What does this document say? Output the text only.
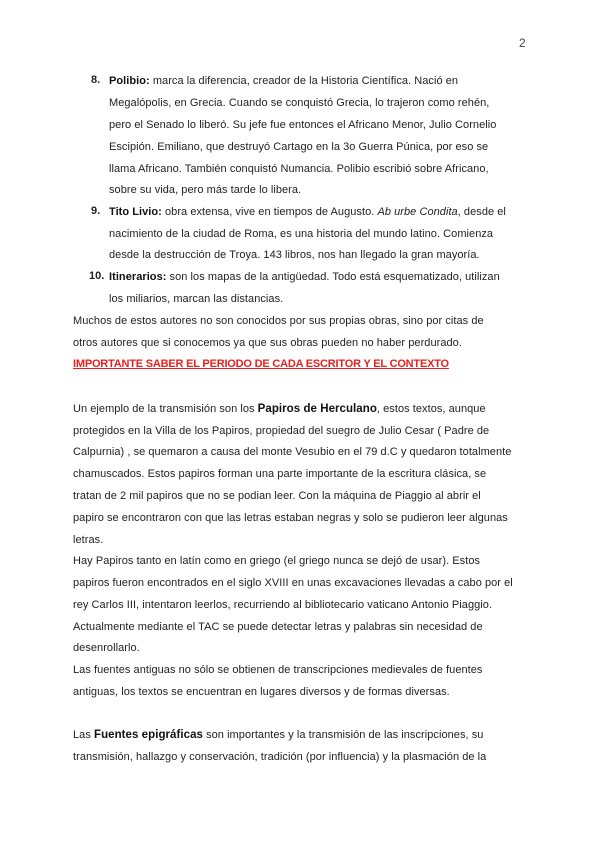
2
8. Polibio: marca la diferencia, creador de la Historia Científica. Nació en
Megalópolis, en Grecia. Cuando se conquistó Grecia, lo trajeron como rehén,
pero el Senado lo liberó. Su jefe fue entonces el Africano Menor, Julio Cornelio
Escipión. Emiliano, que destruyó Cartago en la 3o Guerra Púnica, por eso se
llama Africano. También conquistó Numancia. Polibio escribió sobre Africano,
sobre su vida, pero más tarde lo libera.
9. Tito Livio: obra extensa, vive en tiempos de Augusto. Ab urbe Condita, desde el
nacimiento de la ciudad de Roma, es una historia del mundo latino. Comienza
desde la destrucción de Troya. 143 libros, nos han llegado la gran mayoría.
10. Itinerarios: son los mapas de la antigüedad. Todo está esquematizado, utilizan
los miliarios, marcan las distancias.
Muchos de estos autores no son conocidos por sus propias obras, sino por citas de
otros autores que si conocemos ya que sus obras pueden no haber perdurado.
IMPORTANTE SABER EL PERIODO DE CADA ESCRITOR Y EL CONTEXTO
Un ejemplo de la transmisión son los Papiros de Herculano, estos textos, aunque
protegidos en la Villa de los Papiros, propiedad del suegro de Julio Cesar ( Padre de
Calpurnia) , se quemaron a causa del monte Vesubio en el 79 d.C y quedaron totalmente
chamuscados. Estos papiros forman una parte importante de la escritura clásica, se
tratan de 2 mil papiros que no se podian leer. Con la máquina de Piaggio al abrir el
papiro se encontraron con que las letras estaban negras y solo se pudieron leer algunas
letras.
Hay Papiros tanto en latín como en griego (el griego nunca se dejó de usar). Estos
papiros fueron encontrados en el siglo XVIII en unas excavaciones llevadas a cabo por el
rey Carlos III, intentaron leerlos, recurriendo al bibliotecario vaticano Antonio Piaggio.
Actualmente mediante el TAC se puede detectar letras y palabras sin necesidad de
desenrollarlo.
Las fuentes antiguas no sólo se obtienen de transcripciones medievales de fuentes
antiguas, los textos se encuentran en lugares diversos y de formas diversas.
Las Fuentes epigráficas son importantes y la transmisión de las inscripciones, su
transmisión, hallazgo y conservación, tradición (por influencia) y la plasmación de la
